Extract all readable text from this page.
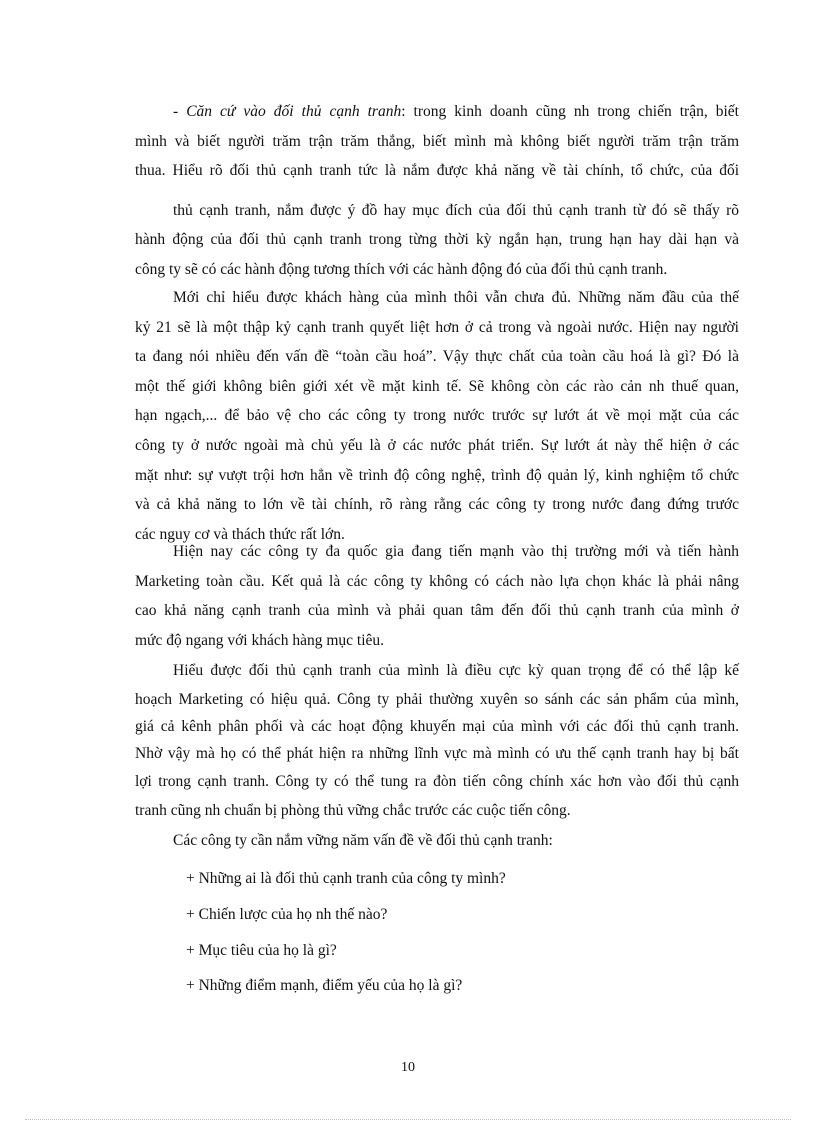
- Căn cứ vào đối thủ cạnh tranh: trong kinh doanh cũng nh trong chiến trận, biết

mình và biết người trăm trận trăm thắng, biết mình mà không biết người trăm trận trăm

thua. Hiểu rõ đối thủ cạnh tranh tức là nắm được khả năng về tài chính, tổ chức, của đối

thủ cạnh tranh, nắm được ý đồ hay mục đích của đối thủ cạnh tranh từ đó sẽ thấy rõ

hành động của đối thủ cạnh tranh trong từng thời kỳ ngắn hạn, trung hạn hay dài hạn và

công ty sẽ có các hành động tương thích với các hành động đó của đối thủ cạnh tranh.

Mới chỉ hiểu được khách hàng của mình thôi vẫn chưa đủ. Những năm đầu của thế

kỷ 21 sẽ là một thập kỷ cạnh tranh quyết liệt hơn ở cả trong và ngoài nước. Hiện nay người

ta đang nói nhiều đến vấn đề “toàn cầu hoá”. Vậy thực chất của toàn cầu hoá là gì? Đó là

một thế giới không biên giới xét về mặt kinh tế. Sẽ không còn các rào cản nh thuế quan,

hạn ngạch,... để bảo vệ cho các công ty trong nước trước sự lướt át về mọi mặt của các

công ty ở nước ngoài mà chủ yếu là ở các nước phát triển. Sự lướt át này thể hiện ở các

mặt như: sự vượt trội hơn hẳn về trình độ công nghệ, trình độ quản lý, kinh nghiệm tổ chức

và cả khả năng to lớn về tài chính, rõ ràng rằng các công ty trong nước đang đứng trước

các nguy cơ và thách thức rất lớn.

Hiện nay các công ty đa quốc gia đang tiến mạnh vào thị trường mới và tiến hành

Marketing toàn cầu. Kết quả là các công ty không có cách nào lựa chọn khác là phải nâng

cao khả năng cạnh tranh của mình và phải quan tâm đến đối thủ cạnh tranh của mình ở

mức độ ngang với khách hàng mục tiêu.

Hiểu được đối thủ cạnh tranh của mình là điều cực kỳ quan trọng để có thể lập kế

hoạch Marketing có hiệu quả. Công ty phải thường xuyên so sánh các sản phẩm của mình,

giá cả kênh phân phối và các hoạt động khuyến mại của mình với các đối thủ cạnh tranh.

Nhờ vậy mà họ có thể phát hiện ra những lĩnh vực mà mình có ưu thế cạnh tranh hay bị bất

lợi trong cạnh tranh. Công ty có thể tung ra đòn tiến công chính xác hơn vào đối thủ cạnh

tranh cũng nh chuẩn bị phòng thủ vững chắc trước các cuộc tiến công.

Các công ty cần nắm vững năm vấn đề về đối thủ cạnh tranh:
+ Những ai là đối thủ cạnh tranh của công ty mình?
+ Chiến lược của họ nh thế nào?
+ Mục tiêu của họ là gì?
+ Những điểm mạnh, điểm yếu của họ là gì?
10
